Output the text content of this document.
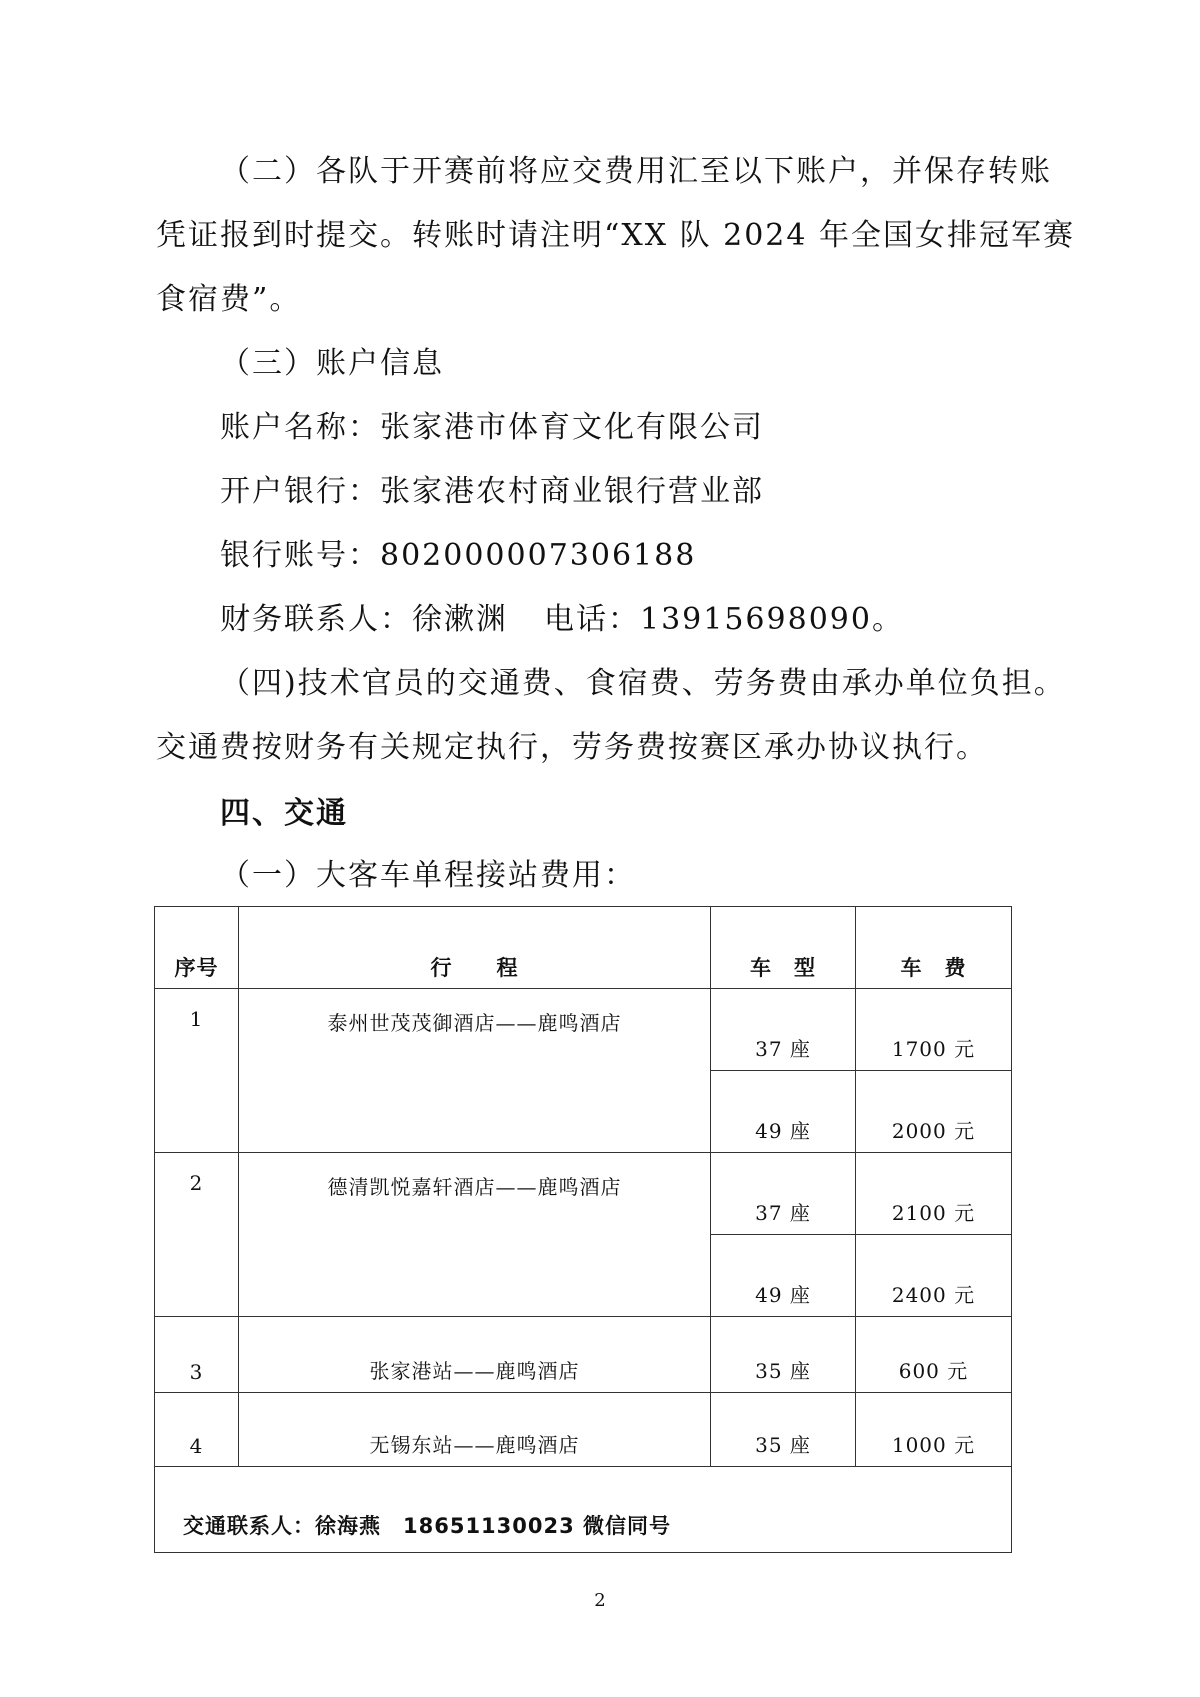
（二）各队于开赛前将应交费用汇至以下账户，并保存转账
凭证报到时提交。转账时请注明“XX 队 2024 年全国女排冠军赛
食宿费”。
（三）账户信息
账户名称：张家港市体育文化有限公司
开户银行：张家港农村商业银行营业部
银行账号：802000007306188
财务联系人：徐漱渊 电话：13915698090。
（四)技术官员的交通费、食宿费、劳务费由承办单位负担。
交通费按财务有关规定执行，劳务费按赛区承办协议执行。
四、交通
（一）大客车单程接站费用：
序号	行　　程	车　型	车　费
1	泰州世茂茂御酒店——鹿鸣酒店	37 座	1700 元
		49 座	2000 元
2	德清凯悦嘉轩酒店——鹿鸣酒店	37 座	2100 元
		49 座	2400 元
3	张家港站——鹿鸣酒店	35 座	600 元
4	无锡东站——鹿鸣酒店	35 座	1000 元
交通联系人：徐海燕　18651130023 微信同号			
2
